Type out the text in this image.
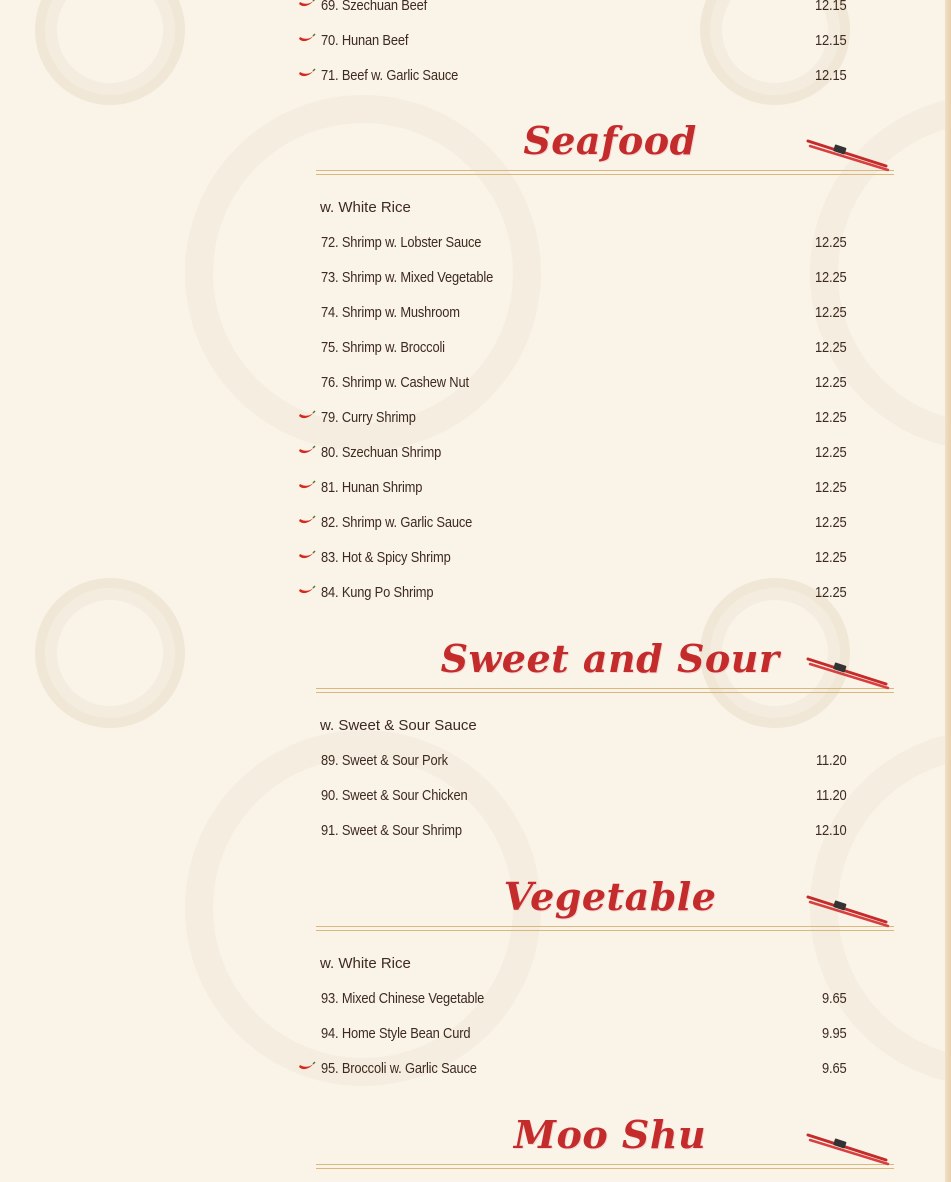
69. Szechuan Beef	12.15
70. Hunan Beef	12.15
71. Beef w. Garlic Sauce	12.15
Seafood
w. White Rice
72. Shrimp w. Lobster Sauce	12.25
73. Shrimp w. Mixed Vegetable	12.25
74. Shrimp w. Mushroom	12.25
75. Shrimp w. Broccoli	12.25
76. Shrimp w. Cashew Nut	12.25
79. Curry Shrimp	12.25
80. Szechuan Shrimp	12.25
81. Hunan Shrimp	12.25
82. Shrimp w. Garlic Sauce	12.25
83. Hot & Spicy Shrimp	12.25
84. Kung Po Shrimp	12.25
Sweet and Sour
w. Sweet & Sour Sauce
89. Sweet & Sour Pork	11.20
90. Sweet & Sour Chicken	11.20
91. Sweet & Sour Shrimp	12.10
Vegetable
w. White Rice
93. Mixed Chinese Vegetable	9.65
94. Home Style Bean Curd	9.95
95. Broccoli w. Garlic Sauce	9.65
Moo Shu
